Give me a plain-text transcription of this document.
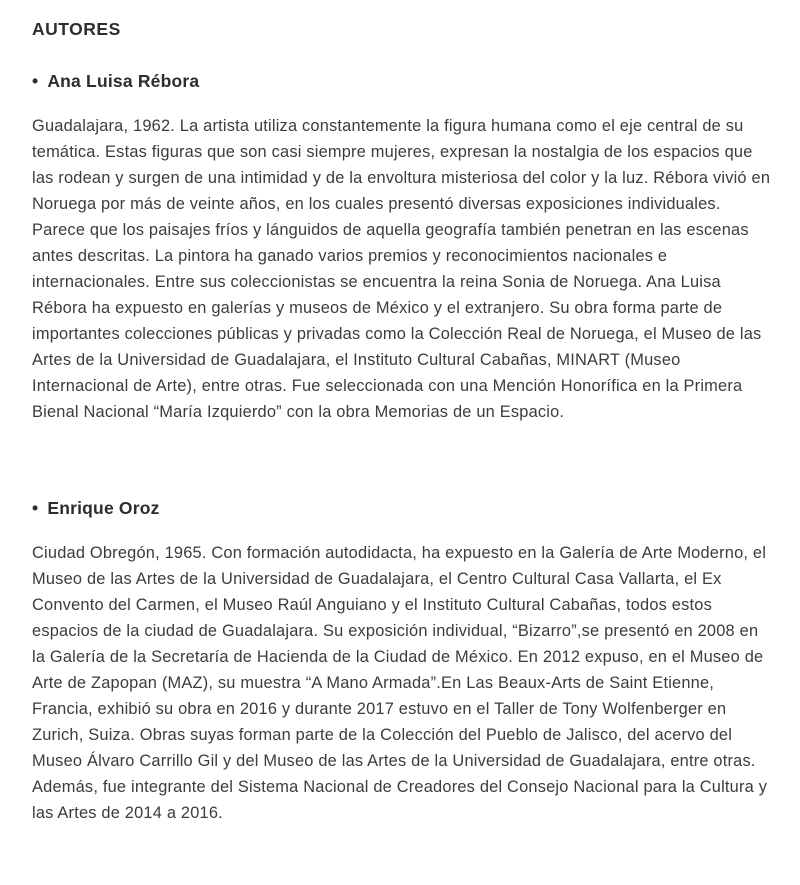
AUTORES
• Ana Luisa Rébora

Guadalajara, 1962. La artista utiliza constantemente la figura humana como el eje central de su temática. Estas figuras que son casi siempre mujeres, expresan la nostalgia de los espacios que las rodean y surgen de una intimidad y de la envoltura misteriosa del color y la luz. Rébora vivió en Noruega por más de veinte años, en los cuales presentó diversas exposiciones individuales. Parece que los paisajes fríos y lánguidos de aquella geografía también penetran en las escenas antes descritas. La pintora ha ganado varios premios y reconocimientos nacionales e internacionales. Entre sus coleccionistas se encuentra la reina Sonia de Noruega. Ana Luisa Rébora ha expuesto en galerías y museos de México y el extranjero. Su obra forma parte de importantes colecciones públicas y privadas como la Colección Real de Noruega, el Museo de las Artes de la Universidad de Guadalajara, el Instituto Cultural Cabañas, MINART (Museo Internacional de Arte), entre otras. Fue seleccionada con una Mención Honorífica en la Primera Bienal Nacional “María Izquierdo” con la obra Memorias de un Espacio.

• Enrique Oroz

Ciudad Obregón, 1965. Con formación autodidacta, ha expuesto en la Galería de Arte Moderno, el Museo de las Artes de la Universidad de Guadalajara, el Centro Cultural Casa Vallarta, el Ex Convento del Carmen, el Museo Raúl Anguiano y el Instituto Cultural Cabañas, todos estos espacios de la ciudad de Guadalajara. Su exposición individual, “Bizarro”,se presentó en 2008 en la Galería de la Secretaría de Hacienda de la Ciudad de México. En 2012 expuso, en el Museo de Arte de Zapopan (MAZ), su muestra “A Mano Armada”.En Las Beaux-Arts de Saint Etienne, Francia, exhibió su obra en 2016 y durante 2017 estuvo en el Taller de Tony Wolfenberger en Zurich, Suiza. Obras suyas forman parte de la Colección del Pueblo de Jalisco, del acervo del Museo Álvaro Carrillo Gil y del Museo de las Artes de la Universidad de Guadalajara, entre otras. Además, fue integrante del Sistema Nacional de Creadores del Consejo Nacional para la Cultura y las Artes de 2014 a 2016.
